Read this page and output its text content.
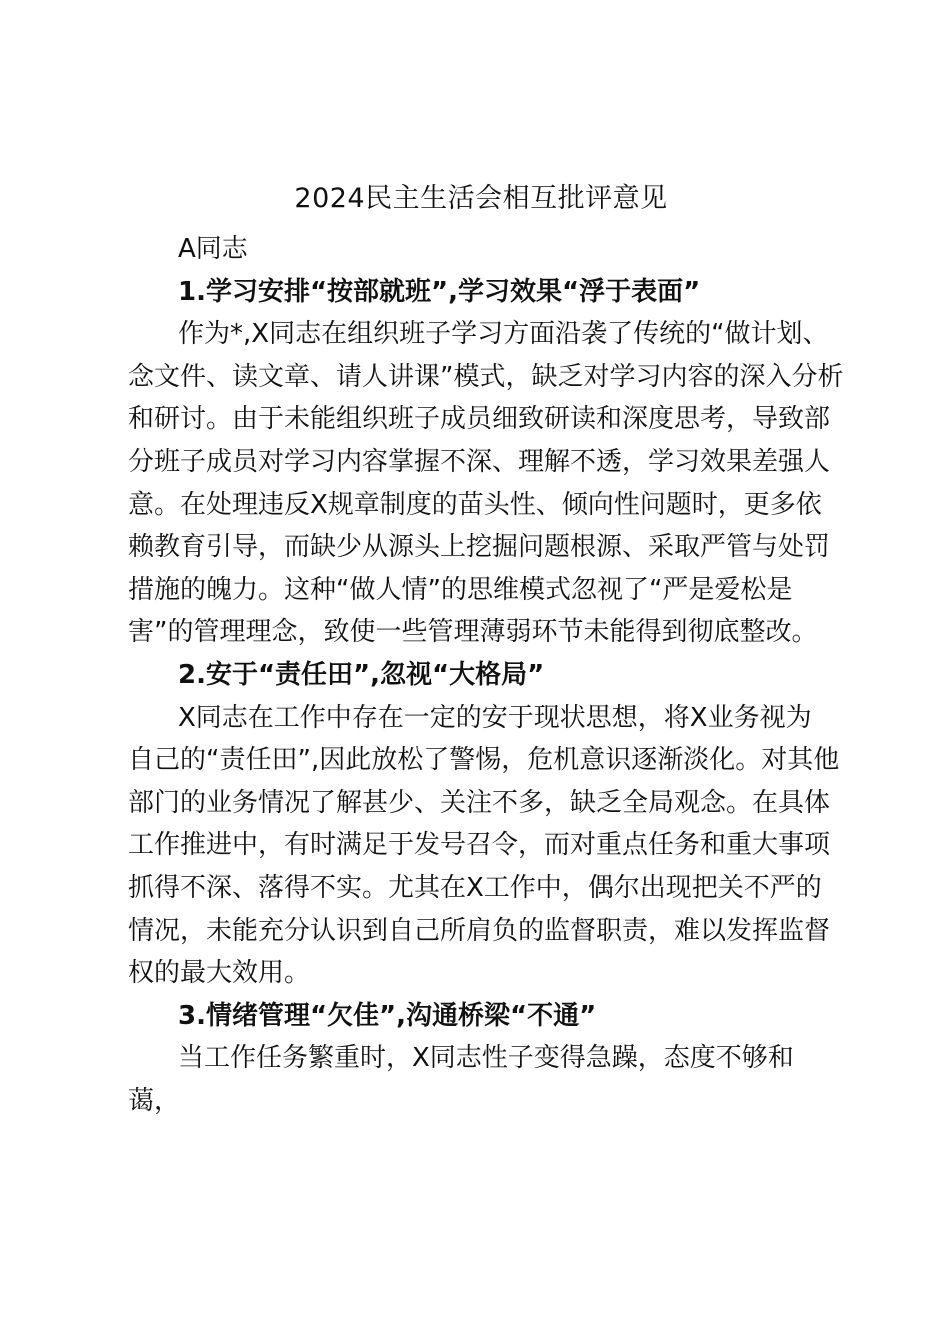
2024民主生活会相互批评意见

A同志

1.学习安排“按部就班”,学习效果“浮于表面”

作为*,X同志在组织班子学习方面沿袭了传统的“做计划、

念文件、读文章、请人讲课”模式，缺乏对学习内容的深入分析

和研讨。由于未能组织班子成员细致研读和深度思考，导致部

分班子成员对学习内容掌握不深、理解不透，学习效果差强人

意。在处理违反X规章制度的苗头性、倾向性问题时，更多依

赖教育引导，而缺少从源头上挖掘问题根源、采取严管与处罚

措施的魄力。这种“做人情”的思维模式忽视了“严是爱松是

害”的管理理念，致使一些管理薄弱环节未能得到彻底整改。

2.安于“责任田”,忽视“大格局”

X同志在工作中存在一定的安于现状思想，将X业务视为

自己的“责任田”,因此放松了警惕，危机意识逐渐淡化。对其他

部门的业务情况了解甚少、关注不多，缺乏全局观念。在具体

工作推进中，有时满足于发号召令，而对重点任务和重大事项

抓得不深、落得不实。尤其在X工作中，偶尔出现把关不严的

情况，未能充分认识到自己所肩负的监督职责，难以发挥监督

权的最大效用。

3.情绪管理“欠佳”,沟通桥梁“不通”

当工作任务繁重时，X同志性子变得急躁，态度不够和

蔼，
